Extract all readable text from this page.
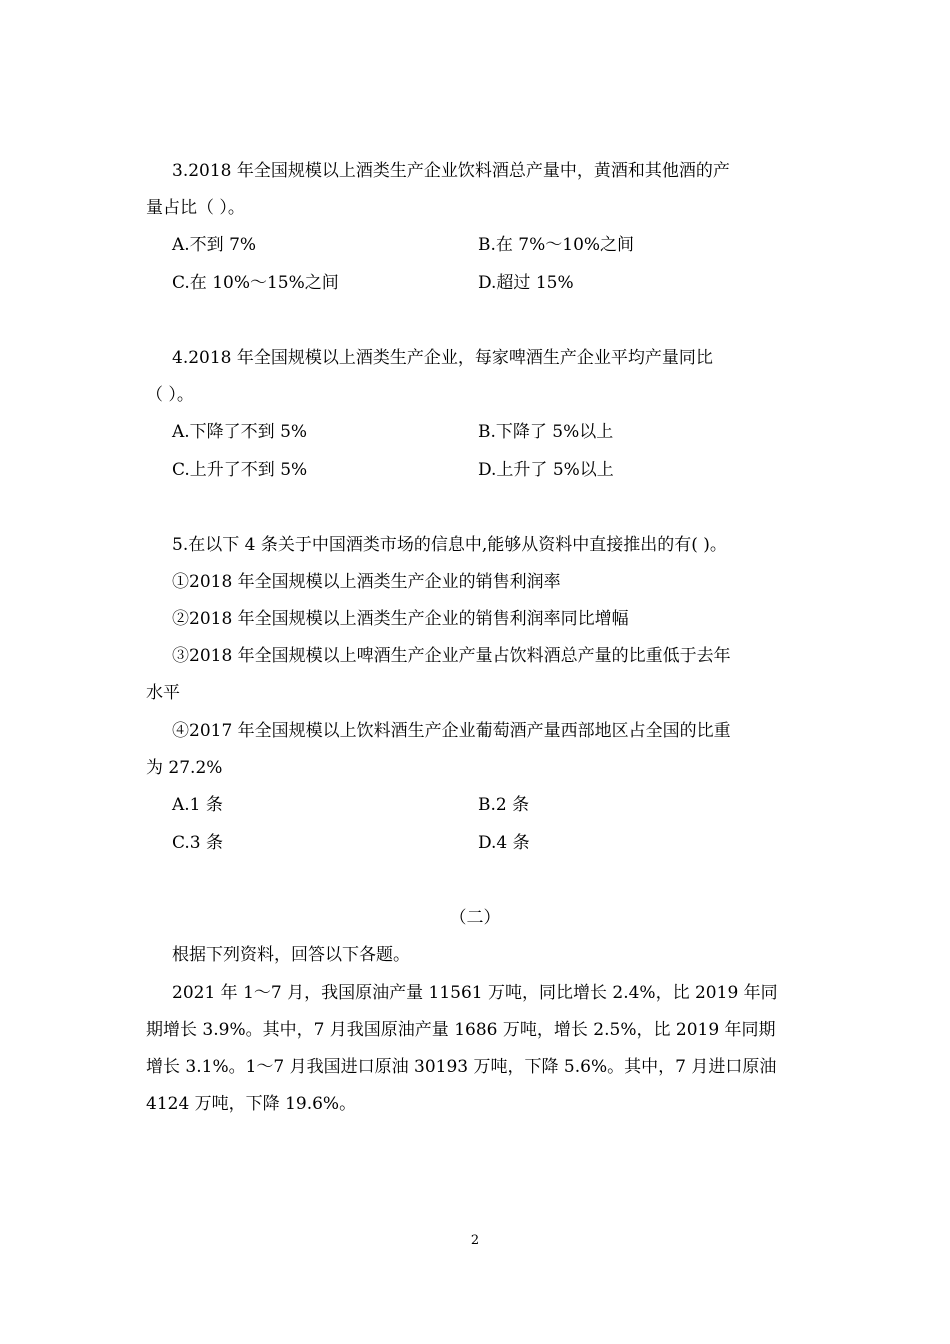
3.2018 年全国规模以上酒类生产企业饮料酒总产量中，黄酒和其他酒的产
量占比（ ）。
A.不到 7%	B.在 7%～10%之间
C.在 10%～15%之间	D.超过 15%
4.2018 年全国规模以上酒类生产企业，每家啤酒生产企业平均产量同比
（ ）。
A.下降了不到 5%	B.下降了 5%以上
C.上升了不到 5%	D.上升了 5%以上
5.在以下 4 条关于中国酒类市场的信息中,能够从资料中直接推出的有( )。
①2018 年全国规模以上酒类生产企业的销售利润率
②2018 年全国规模以上酒类生产企业的销售利润率同比增幅
③2018 年全国规模以上啤酒生产企业产量占饮料酒总产量的比重低于去年
水平
④2017 年全国规模以上饮料酒生产企业葡萄酒产量西部地区占全国的比重
为 27.2%
A.1 条	B.2 条
C.3 条	D.4 条
（二）
根据下列资料，回答以下各题。
2021 年 1～7 月，我国原油产量 11561 万吨，同比增长 2.4%，比 2019 年同
期增长 3.9%。其中，7 月我国原油产量 1686 万吨，增长 2.5%，比 2019 年同期
增长 3.1%。1～7 月我国进口原油 30193 万吨，下降 5.6%。其中，7 月进口原油
4124 万吨，下降 19.6%。
2
